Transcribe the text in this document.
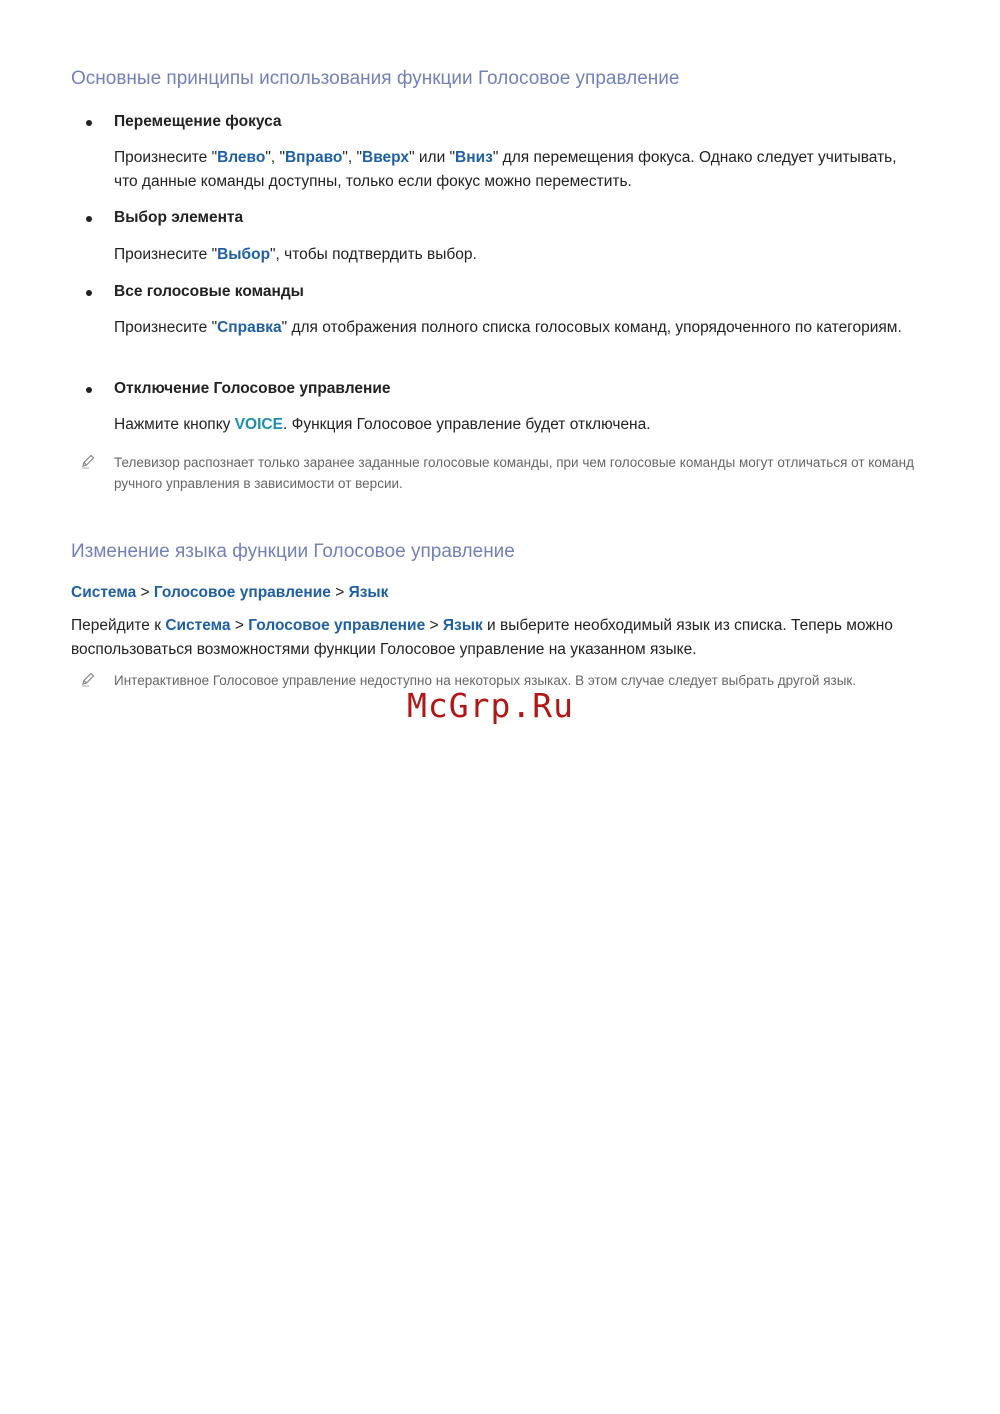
Основные принципы использования функции Голосовое управление
Перемещение фокуса
Произнесите "Влево", "Вправо", "Вверх" или "Вниз" для перемещения фокуса. Однако следует учитывать, что данные команды доступны, только если фокус можно переместить.
Выбор элемента
Произнесите "Выбор", чтобы подтвердить выбор.
Все голосовые команды
Произнесите "Справка" для отображения полного списка голосовых команд, упорядоченного по категориям.
Отключение Голосовое управление
Нажмите кнопку VOICE. Функция Голосовое управление будет отключена.
Телевизор распознает только заранее заданные голосовые команды, при чем голосовые команды могут отличаться от команд ручного управления в зависимости от версии.
Изменение языка функции Голосовое управление
Система > Голосовое управление > Язык
Перейдите к Система > Голосовое управление > Язык и выберите необходимый язык из списка. Теперь можно воспользоваться возможностями функции Голосовое управление на указанном языке.
Интерактивное Голосовое управление недоступно на некоторых языках. В этом случае следует выбрать другой язык.
McGrp.Ru
